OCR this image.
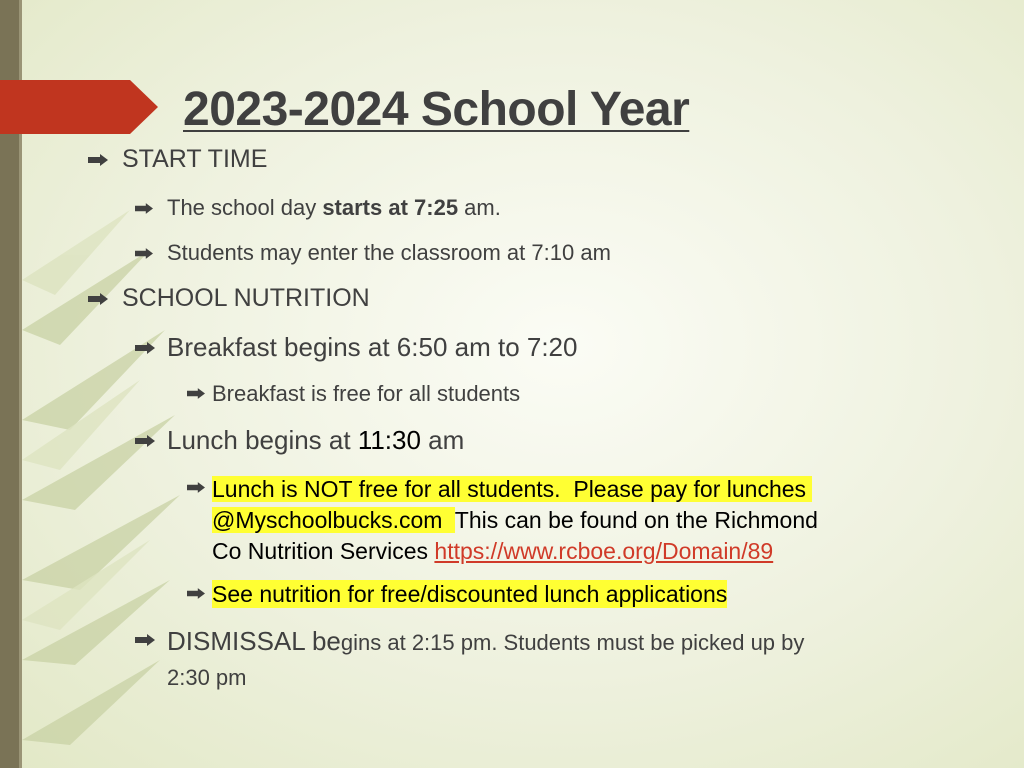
2023-2024 School Year
START TIME
The school day starts at 7:25 am.
Students may enter the classroom at 7:10 am
SCHOOL NUTRITION
Breakfast begins at 6:50 am to 7:20
Breakfast is free for all students
Lunch begins at 11:30 am
Lunch is NOT free for all students.  Please pay for lunches
@Myschoolbucks.com  This can be found on the Richmond
Co Nutrition Services https://www.rcboe.org/Domain/89
See nutrition for free/discounted lunch applications
DISMISSAL begins at 2:15 pm. Students must be picked up by
2:30 pm
